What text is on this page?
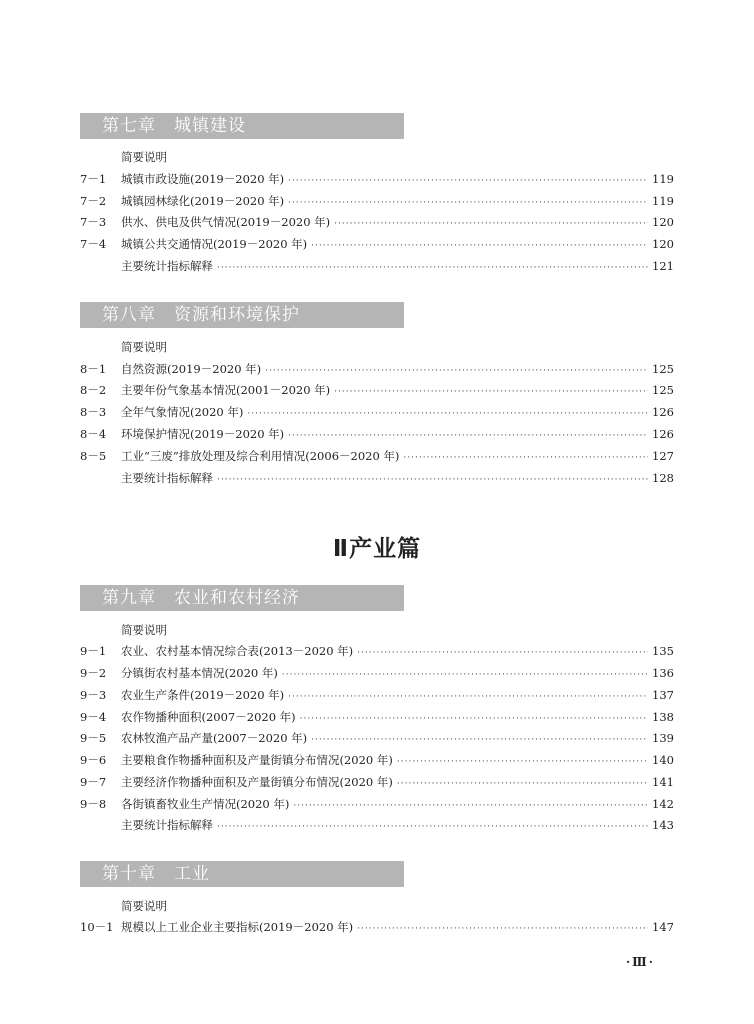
第七章 城镇建设
简要说明
7－1	城镇市政设施(2019－2020 年) ·····	119
7－2	城镇园林绿化(2019－2020 年) ·····	119
7－3	供水、供电及供气情况(2019－2020 年) ·····	120
7－4	城镇公共交通情况(2019－2020 年) ·····	120
主要统计指标解释 ·····	121
第八章 资源和环境保护
简要说明
8－1	自然资源(2019－2020 年) ·····	125
8－2	主要年份气象基本情况(2001－2020 年) ·····	125
8－3	全年气象情况(2020 年) ·····	126
8－4	环境保护情况(2019－2020 年) ·····	126
8－5	工业“三废”排放处理及综合利用情况(2006－2020 年) ·····	127
主要统计指标解释 ·····	128
Ⅱ产业篇
第九章 农业和农村经济
简要说明
9－1	农业、农村基本情况综合表(2013－2020 年) ·····	135
9－2	分镇街农村基本情况(2020 年) ·····	136
9－3	农业生产条件(2019－2020 年) ·····	137
9－4	农作物播种面积(2007－2020 年) ·····	138
9－5	农林牧渔产品产量(2007－2020 年) ·····	139
9－6	主要粮食作物播种面积及产量街镇分布情况(2020 年) ·····	140
9－7	主要经济作物播种面积及产量街镇分布情况(2020 年) ·····	141
9－8	各街镇畜牧业生产情况(2020 年) ·····	142
主要统计指标解释 ·····	143
第十章 工业
简要说明
10－1 规模以上工业企业主要指标(2019－2020 年) ·····	147
·Ⅲ·
